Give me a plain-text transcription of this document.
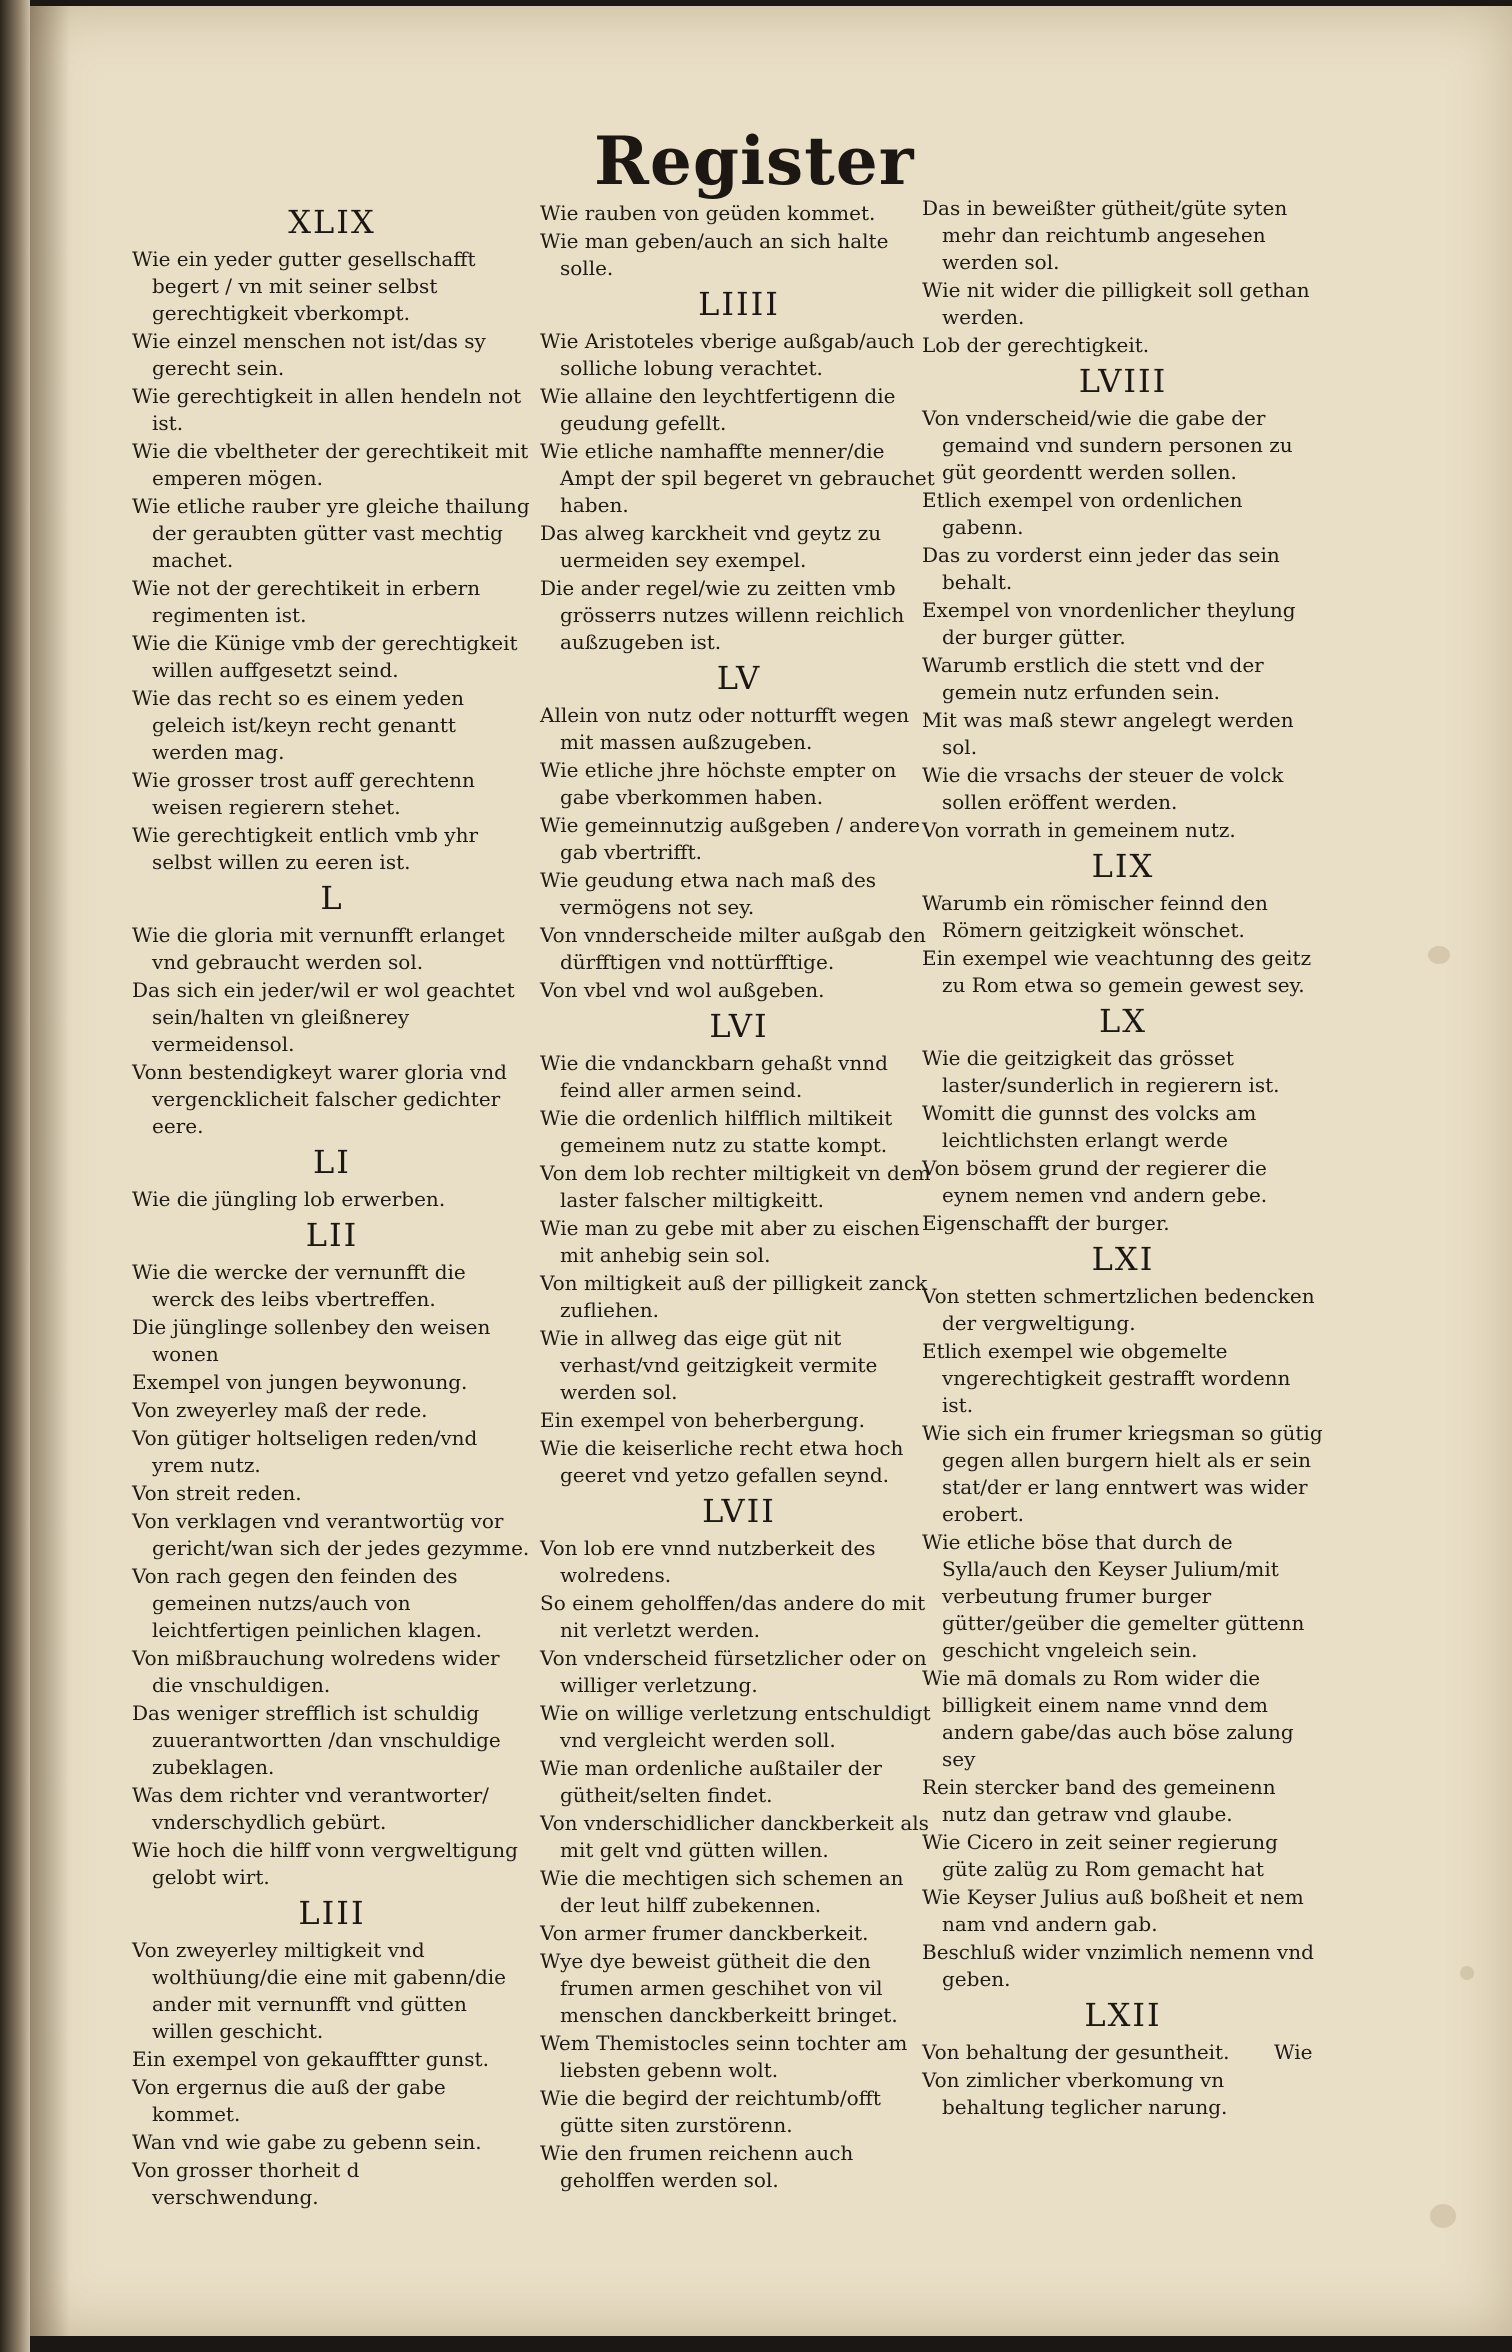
Register
XLIX

Wie ein yeder gutter gesellschafft begert / vn mit seiner selbst gerechtigkeit vberkompt.

Wie einzel menschen not ist/das sy gerecht sein.

Wie gerechtigkeit in allen hendeln not ist.

Wie die vbeltheter der gerechtikeit mit emperen mögen.

Wie etliche rauber yre gleiche thailung der geraubten gütter vast mechtig machet.

Wie not der gerechtikeit in erbern regimenten ist.

Wie die Künige vmb der gerechtigkeit willen auffgesetzt seind.

Wie das recht so es einem yeden geleich ist/keyn recht genantt werden mag.

Wie grosser trost auff gerechtenn weisen regierern stehet.

Wie gerechtigkeit entlich vmb yhr selbst willen zu eeren ist.

L

Wie die gloria mit vernunfft erlanget vnd gebraucht werden sol.

Das sich ein jeder/wil er wol geachtet sein/halten vn gleißnerey vermeidensol.

Vonn bestendigkeyt warer gloria vnd vergencklicheit falscher gedichter eere.

LI

Wie die jüngling lob erwerben.

LII

Wie die wercke der vernunfft die werck des leibs vbertreffen.

Die jünglinge sollenbey den weisen wonen

Exempel von jungen beywonung.

Von zweyerley maß der rede.

Von gütiger holtseligen reden/vnd yrem nutz.

Von streit reden.

Von verklagen vnd verantwortüg vor gericht/wan sich der jedes gezymme.

Von rach gegen den feinden des gemeinen nutzs/auch von leichtfertigen peinlichen klagen.

Von mißbrauchung wolredens wider die vnschuldigen.

Das weniger strefflich ist schuldig zuuerantwortten /dan vnschuldige zubeklagen.

Was dem richter vnd verantworter/ vnderschydlich gebürt.

Wie hoch die hilff vonn vergweltigung gelobt wirt.

LIII

Von zweyerley miltigkeit vnd wolthüung/die eine mit gabenn/die ander mit vernunfft vnd gütten willen geschicht.

Ein exempel von gekaufftter gunst.

Von ergernus die auß der gabe kommet.

Wan vnd wie gabe zu gebenn sein.

Von grosser thorheit d verschwendung.

Wie rauben von geüden kommet.

Wie man geben/auch an sich halte solle.

LIIII

Wie Aristoteles vberige außgab/auch solliche lobung verachtet.

Wie allaine den leychtfertigenn die geudung gefellt.

Wie etliche namhaffte menner/die Ampt der spil begeret vn gebrauchet haben.

Das alweg karckheit vnd geytz zu uermeiden sey exempel.

Die ander regel/wie zu zeitten vmb grösserrs nutzes willenn reichlich außzugeben ist.

LV

Allein von nutz oder notturfft wegen mit massen außzugeben.

Wie etliche jhre höchste empter on gabe vberkommen haben.

Wie gemeinnutzig außgeben / andere gab vbertrifft.

Wie geudung etwa nach maß des vermögens not sey.

Von vnnderscheide milter außgab den dürfftigen vnd nottürfftige.

Von vbel vnd wol außgeben.

LVI

Wie die vndanckbarn gehaßt vnnd feind aller armen seind.

Wie die ordenlich hilfflich miltikeit gemeinem nutz zu statte kompt.

Von dem lob rechter miltigkeit vn dem laster falscher miltigkeitt.

Wie man zu gebe mit aber zu eischen mit anhebig sein sol.

Von miltigkeit auß der pilligkeit zanck zufliehen.

Wie in allweg das eige güt nit verhast/vnd geitzigkeit vermite werden sol.

Ein exempel von beherbergung.

Wie die keiserliche recht etwa hoch geeret vnd yetzo gefallen seynd.

LVII

Von lob ere vnnd nutzberkeit des wolredens.

So einem geholffen/das andere do mit nit verletzt werden.

Von vnderscheid fürsetzlicher oder on williger verletzung.

Wie on willige verletzung entschuldigt vnd vergleicht werden soll.

Wie man ordenliche außtailer der gütheit/selten findet.

Von vnderschidlicher danckberkeit als mit gelt vnd gütten willen.

Wie die mechtigen sich schemen an der leut hilff zubekennen.

Von armer frumer danckberkeit.

Wye dye beweist gütheit die den frumen armen geschihet von vil menschen danckberkeitt bringet.

Wem Themistocles seinn tochter am liebsten gebenn wolt.

Wie die begird der reichtumb/offt gütte siten zurstörenn.

Wie den frumen reichenn auch geholffen werden sol.

Das in beweißter gütheit/güte syten mehr dan reichtumb angesehen werden sol.

Wie nit wider die pilligkeit soll gethan werden.

Lob der gerechtigkeit.

LVIII

Von vnderscheid/wie die gabe der gemaind vnd sundern personen zu güt geordentt werden sollen.

Etlich exempel von ordenlichen gabenn.

Das zu vorderst einn jeder das sein behalt.

Exempel von vnordenlicher theylung der burger gütter.

Warumb erstlich die stett vnd der gemein nutz erfunden sein.

Mit was maß stewr angelegt werden sol.

Wie die vrsachs der steuer de volck sollen eröffent werden.

Von vorrath in gemeinem nutz.

LIX

Warumb ein römischer feinnd den Römern geitzigkeit wönschet.

Ein exempel wie veachtunng des geitz zu Rom etwa so gemein gewest sey.

LX

Wie die geitzigkeit das grösset laster/sunderlich in regierern ist.

Womitt die gunnst des volcks am leichtlichsten erlangt werde

Von bösem grund der regierer die eynem nemen vnd andern gebe.

Eigenschafft der burger.

LXI

Von stetten schmertzlichen bedencken der vergweltigung.

Etlich exempel wie obgemelte vngerechtigkeit gestrafft wordenn ist.

Wie sich ein frumer kriegsman so gütig gegen allen burgern hielt als er sein stat/der er lang enntwert was wider erobert.

Wie etliche böse that durch de Sylla/auch den Keyser Julium/mit verbeutung frumer burger gütter/geüber die gemelter güttenn geschicht vngeleich sein.

Wie mā domals zu Rom wider die billigkeit einem name vnnd dem andern gabe/das auch böse zalung sey

Rein stercker band des gemeinenn nutz dan getraw vnd glaube.

Wie Cicero in zeit seiner regierung güte zalüg zu Rom gemacht hat

Wie Keyser Julius auß boßheit et nem nam vnd andern gab.

Beschluß wider vnzimlich nemenn vnd geben.

LXII

Von behaltung der gesuntheit.

Von zimlicher vberkomung vn behaltung teglicher narung.

Wie
